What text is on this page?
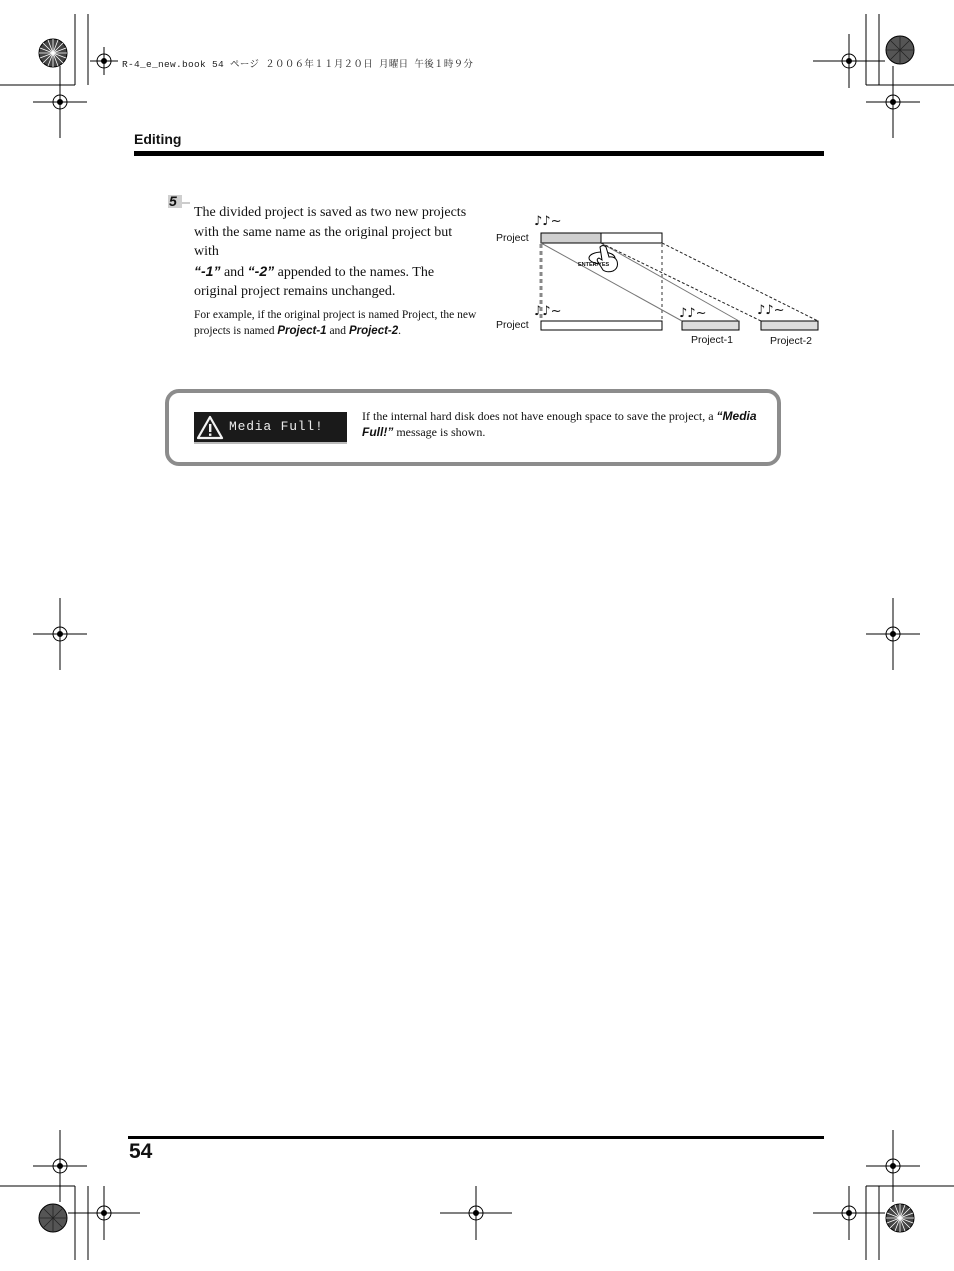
R-4_e_new.book 54 ページ ２００６年１１月２０日 月曜日 午後１時９分
Editing
5

The divided project is saved as two new projects with the same name as the original project but with
“-1” and “-2” appended to the names. The original project remains unchanged.

For example, if the original project is named Project, the new projects is named Project-1 and Project-2.
Project
Project
Project-1	Project-2
♪♪~
♪♪~	♪♪~	♪♪~
ENTER/YES
Media Full!
If the internal hard disk does not have enough space to save the project, a “Media Full!” message is shown.
54
